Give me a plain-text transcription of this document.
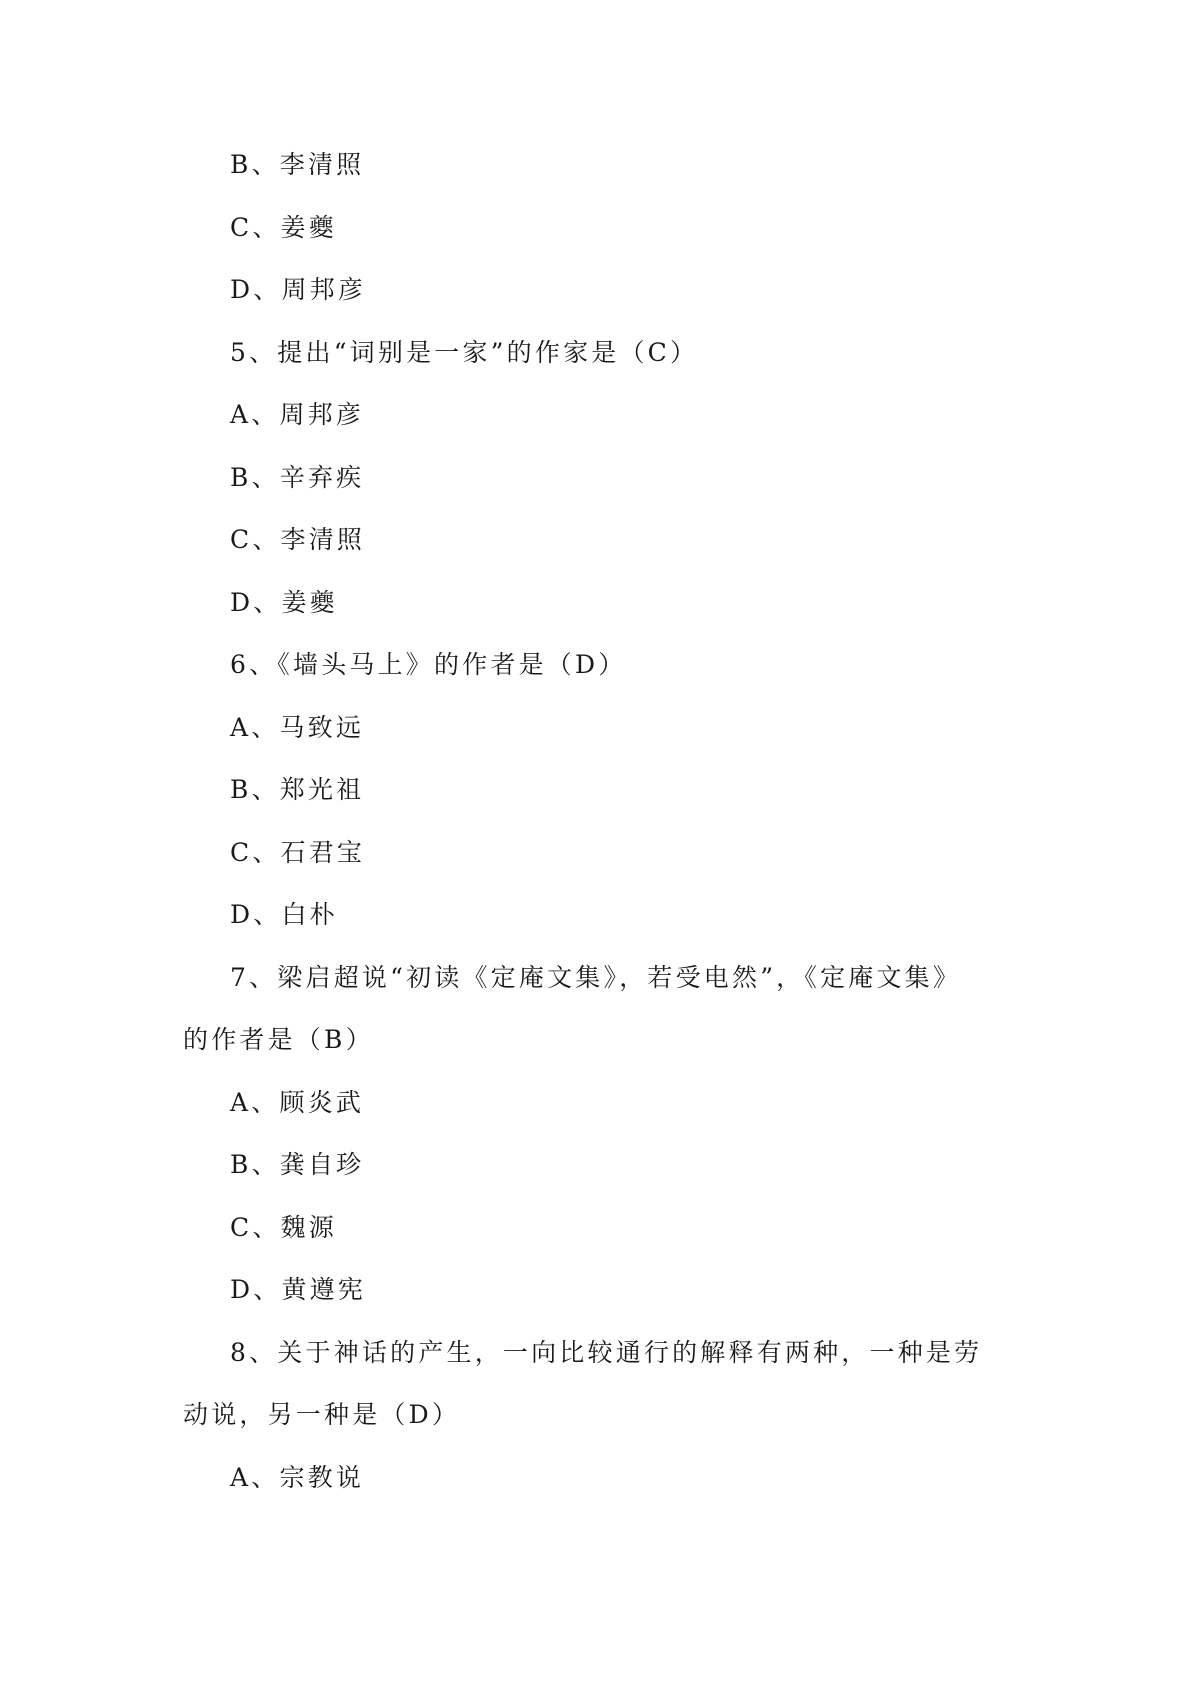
B、李清照
C、姜夔
D、周邦彦
5、提出“词别是一家”的作家是（C）
A、周邦彦
B、辛弃疾
C、李清照
D、姜夔
6、《墙头马上》的作者是（D）
A、马致远
B、郑光祖
C、石君宝
D、白朴
7、梁启超说“初读《定庵文集》，若受电然”，《定庵文集》
的作者是（B）
A、顾炎武
B、龚自珍
C、魏源
D、黄遵宪
8、关于神话的产生，一向比较通行的解释有两种，一种是劳
动说，另一种是（D）
A、宗教说
